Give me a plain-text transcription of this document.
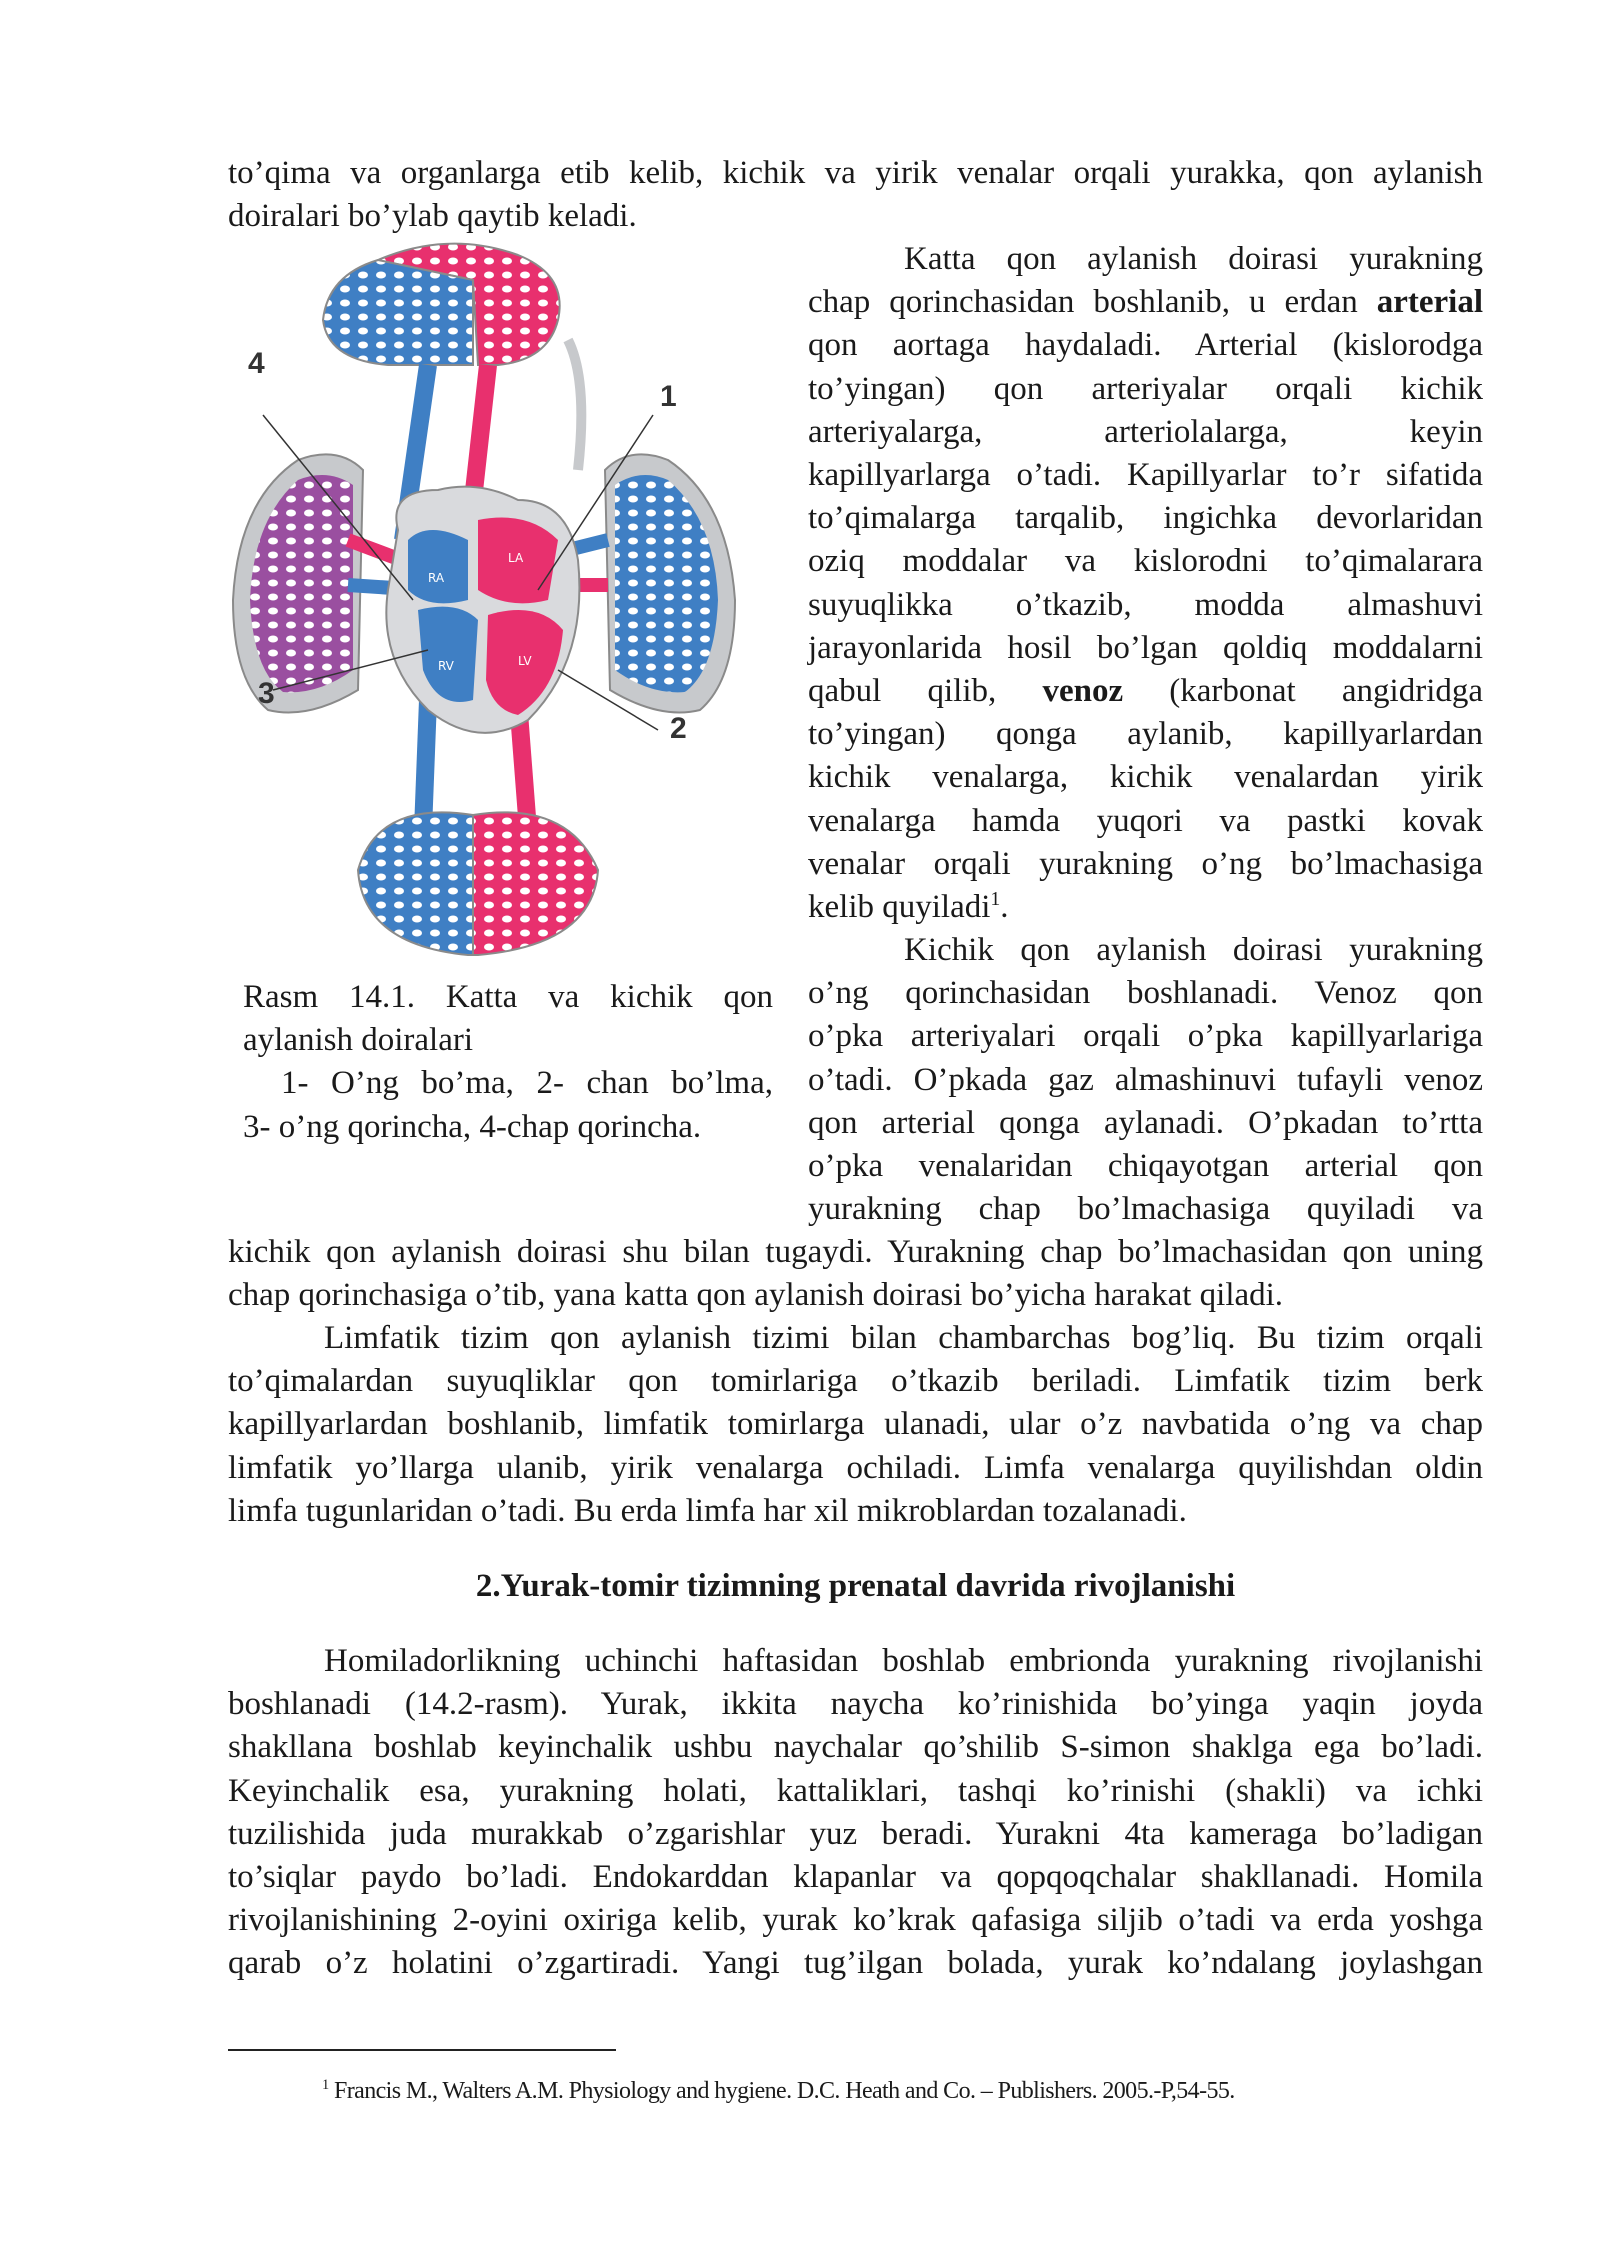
to’qima va organlarga etib kelib, kichik va yirik venalar orqali yurakka, qon aylanish
doiralari bo’ylab qaytib keladi.
RA
LA
RV	LV
4
1
3
2
Rasm 14.1. Katta va kichik qon
aylanish doiralari
1- O’ng bo’ma, 2- chan bo’lma,
3- o’ng qorincha, 4-chap qorincha.
Katta qon aylanish doirasi yurakning
chap qorinchasidan boshlanib, u erdan arterial
qon aortaga haydaladi. Arterial (kislorodga
to’yingan) qon arteriyalar orqali kichik
arteriyalarga, arteriolalarga, keyin
kapillyarlarga o’tadi. Kapillyarlar to’r sifatida
to’qimalarga tarqalib, ingichka devorlaridan
oziq moddalar va kislorodni to’qimalarara
suyuqlikka o’tkazib, modda almashuvi
jarayonlarida hosil bo’lgan qoldiq moddalarni
qabul qilib, venoz (karbonat angidridga
to’yingan) qonga aylanib, kapillyarlardan
kichik venalarga, kichik venalardan yirik
venalarga hamda yuqori va pastki kovak
venalar orqali yurakning o’ng bo’lmachasiga
kelib quyiladi$^1$.
Kichik qon aylanish doirasi yurakning
o’ng qorinchasidan boshlanadi. Venoz qon
o’pka arteriyalari orqali o’pka kapillyarlariga
o’tadi. O’pkada gaz almashinuvi tufayli venoz
qon arterial qonga aylanadi. O’pkadan to’rtta
o’pka venalaridan chiqayotgan arterial qon
yurakning chap bo’lmachasiga quyiladi va
kichik qon aylanish doirasi shu bilan tugaydi. Yurakning chap bo’lmachasidan qon uning
chap qorinchasiga o’tib, yana katta qon aylanish doirasi bo’yicha harakat qiladi.
Limfatik tizim qon aylanish tizimi bilan chambarchas bog’liq. Bu tizim orqali
to’qimalardan suyuqliklar qon tomirlariga o’tkazib beriladi. Limfatik tizim berk
kapillyarlardan boshlanib, limfatik tomirlarga ulanadi, ular o’z navbatida o’ng va chap
limfatik yo’llarga ulanib, yirik venalarga ochiladi. Limfa venalarga quyilishdan oldin
limfa tugunlaridan o’tadi. Bu erda limfa har xil mikroblardan tozalanadi.
2.Yurak-tomir tizimning prenatal davrida rivojlanishi
Homiladorlikning uchinchi haftasidan boshlab embrionda yurakning rivojlanishi
boshlanadi (14.2-rasm). Yurak, ikkita naycha ko’rinishida bo’yinga yaqin joyda
shakllana boshlab keyinchalik ushbu naychalar qo’shilib S-simon shaklga ega bo’ladi.
Keyinchalik esa, yurakning holati, kattaliklari, tashqi ko’rinishi (shakli) va ichki
tuzilishida juda murakkab o’zgarishlar yuz beradi. Yurakni 4ta kameraga bo’ladigan
to’siqlar paydo bo’ladi. Endokarddan klapanlar va qopqoqchalar shakllanadi. Homila
rivojlanishining 2-oyini oxiriga kelib, yurak ko’krak qafasiga siljib o’tadi va erda yoshga
qarab o’z holatini o’zgartiradi. Yangi tug’ilgan bolada, yurak ko’ndalang joylashgan
$^1$ Francis M., Walters A.M. Physiology and hygiene. D.C. Heath and Co. – Publishers. 2005.-P,54-55.
